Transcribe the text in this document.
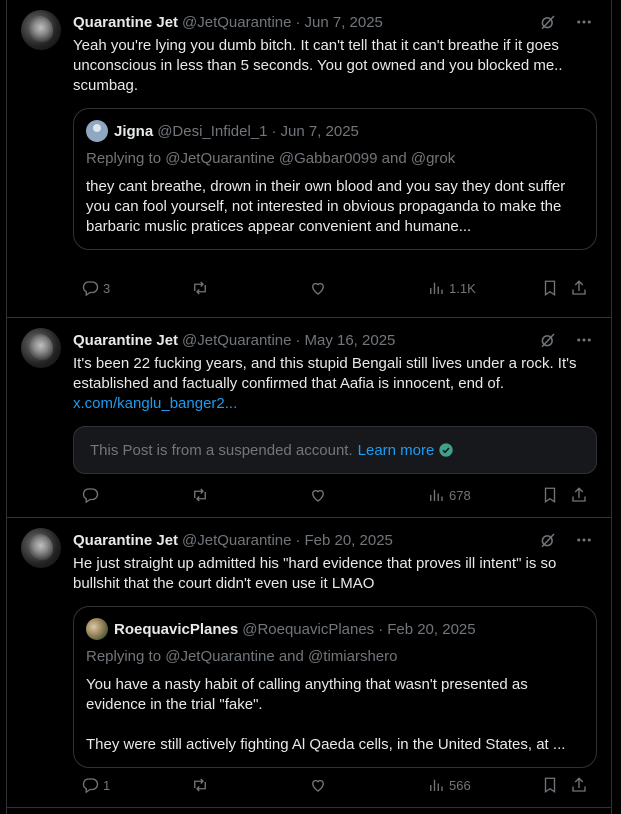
Quarantine Jet @JetQuarantine · Jun 7, 2025
Yeah you're lying you dumb bitch. It can't tell that it can't breathe if it goes unconscious in less than 5 seconds. You got owned and you blocked me.. scumbag.
Jigna @Desi_Infidel_1 · Jun 7, 2025
Replying to @JetQuarantine @Gabbar0099 and @grok
they cant breathe, drown in their own blood and you say they dont suffer
you can fool yourself, not interested in obvious propaganda to make the barbaric muslic pratices appear convenient and humane...
3	1.1K
Quarantine Jet @JetQuarantine · May 16, 2025
It's been 22 fucking years, and this stupid Bengali still lives under a rock. It's established and factually confirmed that Aafia is innocent, end of.
x.com/kanglu_banger2...
This Post is from a suspended account. Learn more
678
Quarantine Jet @JetQuarantine · Feb 20, 2025
He just straight up admitted his "hard evidence that proves ill intent" is so bullshit that the court didn't even use it LMAO
RoequavicPlanes @RoequavicPlanes · Feb 20, 2025
Replying to @JetQuarantine and @timiarshero
You have a nasty habit of calling anything that wasn't presented as evidence in the trial "fake".
They were still actively fighting Al Qaeda cells, in the United States, at ...
1	566
